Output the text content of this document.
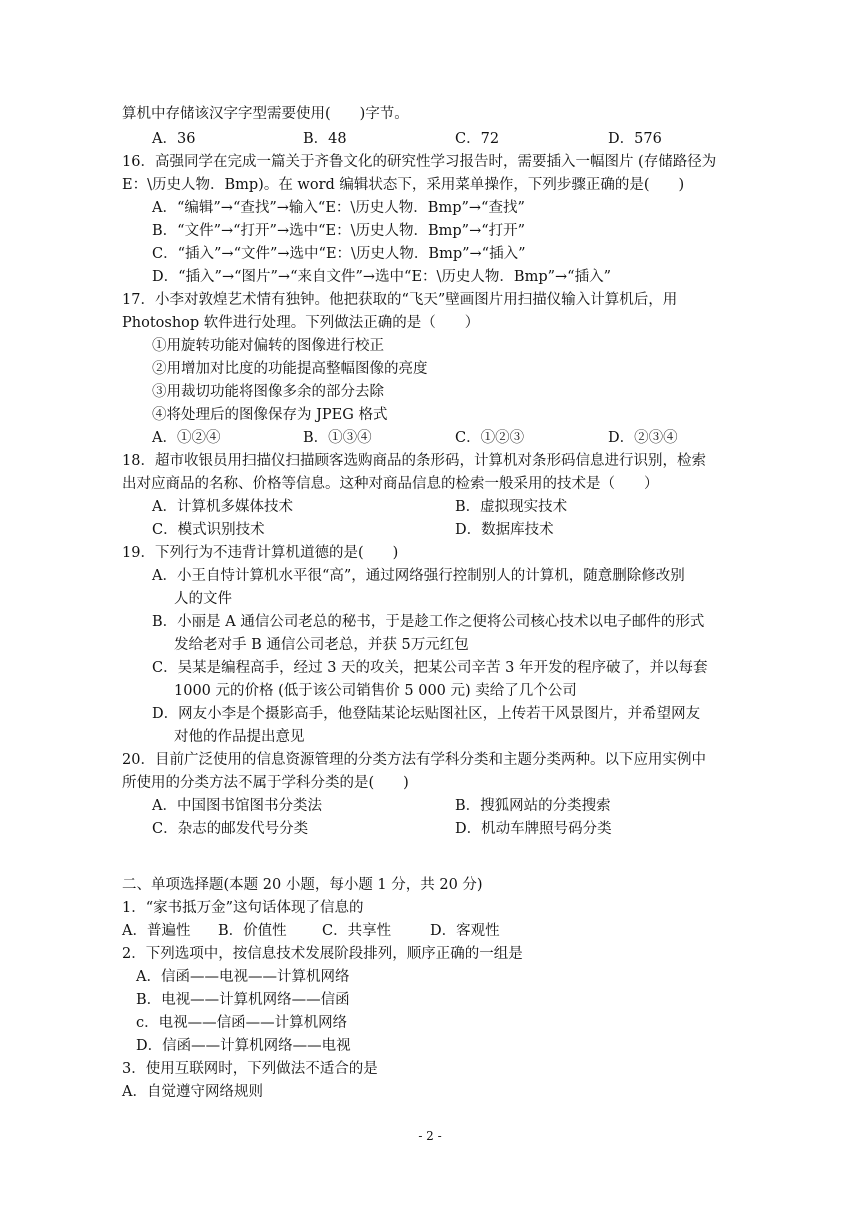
算机中存储该汉字字型需要使用(　　)字节。
A．36	B．48	C．72	D．576
16．高强同学在完成一篇关于齐鲁文化的研究性学习报告时，需要插入一幅图片 (存储路径为
E：\历史人物．Bmp)。在 word 编辑状态下，采用菜单操作，下列步骤正确的是(　　)
A．“编辑”→“查找”→输入“E：\历史人物．Bmp”→“查找”
B．“文件”→“打开”→选中“E：\历史人物．Bmp”→“打开”
C．“插入”→“文件”→选中“E：\历史人物．Bmp”→“插入”
D．“插入”→“图片”→“来自文件”→选中“E：\历史人物．Bmp”→“插入”
17．小李对敦煌艺术情有独钟。他把获取的“飞天”壁画图片用扫描仪输入计算机后，用
Photoshop 软件进行处理。下列做法正确的是（　　）
①用旋转功能对偏转的图像进行校正
②用增加对比度的功能提高整幅图像的亮度
③用裁切功能将图像多余的部分去除
④将处理后的图像保存为 JPEG 格式
A．①②④	B．①③④	C．①②③	D．②③④
18．超市收银员用扫描仪扫描顾客选购商品的条形码，计算机对条形码信息进行识别，检索
出对应商品的名称、价格等信息。这种对商品信息的检索一般采用的技术是（　　）
A．计算机多媒体技术	B．虚拟现实技术
C．模式识别技术	D．数据库技术
19．下列行为不违背计算机道德的是(　　)
A．小王自恃计算机水平很“高”，通过网络强行控制别人的计算机，随意删除修改别
人的文件
B．小丽是 A 通信公司老总的秘书，于是趁工作之便将公司核心技术以电子邮件的形式
发给老对手 B 通信公司老总，并获 5万元红包
C．吴某是编程高手，经过 3 天的攻关，把某公司辛苦 3 年开发的程序破了，并以每套
1000 元的价格 (低于该公司销售价 5 000 元) 卖给了几个公司
D．网友小李是个摄影高手，他登陆某论坛贴图社区，上传若干风景图片，并希望网友
对他的作品提出意见
20．目前广泛使用的信息资源管理的分类方法有学科分类和主题分类两种。以下应用实例中
所使用的分类方法不属于学科分类的是(　　)
A．中国图书馆图书分类法	B．搜狐网站的分类搜索
C．杂志的邮发代号分类	D．机动车牌照号码分类
二、单项选择题(本题 20 小题，每小题 1 分，共 20 分)
1．“家书抵万金”这句话体现了信息的
A．普遍性 B．价值性 C．共享性	D．客观性
2．下列选项中，按信息技术发展阶段排列，顺序正确的一组是
A．信函——电视——计算机网络
B．电视——计算机网络——信函
c．电视——信函——计算机网络
D．信函——计算机网络——电视
3．使用互联网时，下列做法不适合的是
A．自觉遵守网络规则
- 2 -
